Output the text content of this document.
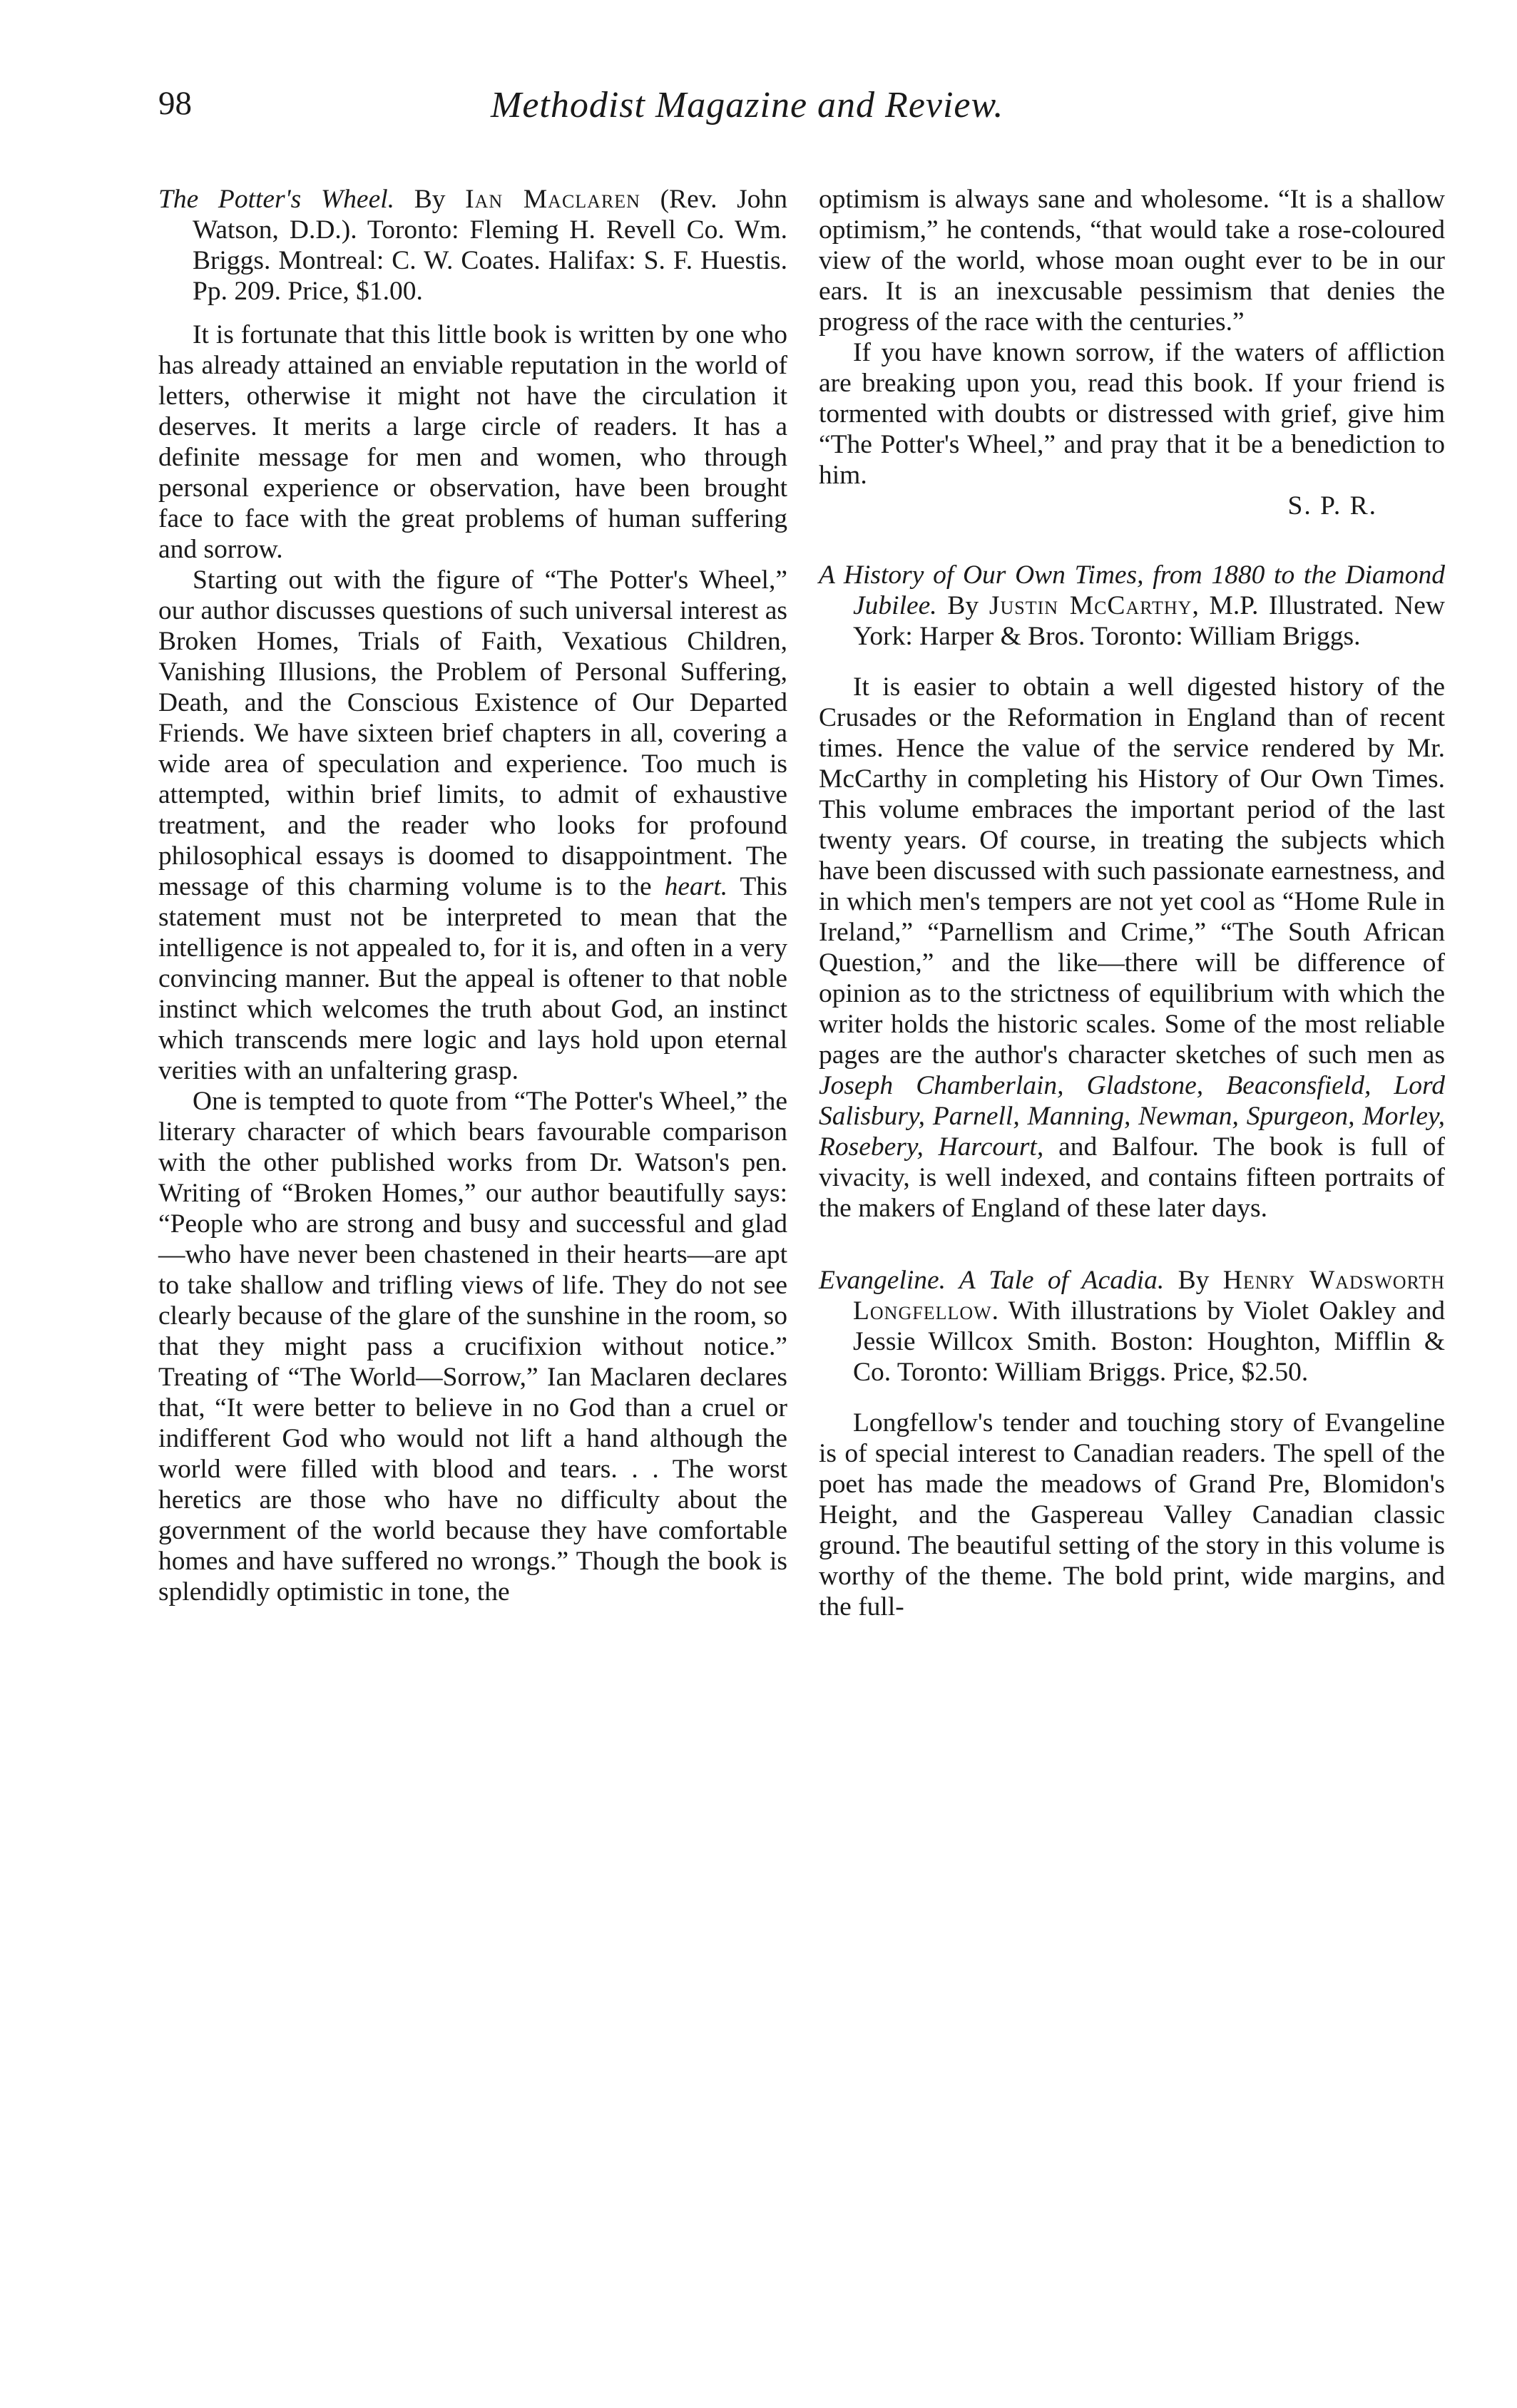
98	Methodist Magazine and Review.

The Potter's Wheel. By Ian Maclaren (Rev. John Watson, D.D.). Toronto: Fleming H. Revell Co. Wm. Briggs. Montreal: C. W. Coates. Halifax: S. F. Huestis. Pp. 209. Price, $1.00.

It is fortunate that this little book is written by one who has already attained an enviable reputation in the world of letters, otherwise it might not have the circulation it deserves. It merits a large circle of readers. It has a definite message for men and women, who through personal experience or observation, have been brought face to face with the great problems of human suffering and sorrow.

Starting out with the figure of “The Potter's Wheel,” our author discusses questions of such universal interest as Broken Homes, Trials of Faith, Vexatious Children, Vanishing Illusions, the Problem of Personal Suffering, Death, and the Conscious Existence of Our Departed Friends. We have sixteen brief chapters in all, covering a wide area of speculation and experience. Too much is attempted, within brief limits, to admit of exhaustive treatment, and the reader who looks for profound philosophical essays is doomed to disappointment. The message of this charming volume is to the heart. This statement must not be interpreted to mean that the intelligence is not appealed to, for it is, and often in a very convincing manner. But the appeal is oftener to that noble instinct which welcomes the truth about God, an instinct which transcends mere logic and lays hold upon eternal verities with an unfaltering grasp.

One is tempted to quote from “The Potter's Wheel,” the literary character of which bears favourable comparison with the other published works from Dr. Watson's pen. Writing of “Broken Homes,” our author beautifully says: “People who are strong and busy and successful and glad—who have never been chastened in their hearts—are apt to take shallow and trifling views of life. They do not see clearly because of the glare of the sunshine in the room, so that they might pass a crucifixion without notice.” Treating of “The World—Sorrow,” Ian Maclaren declares that, “It were better to believe in no God than a cruel or indifferent God who would not lift a hand although the world were filled with blood and tears. . . The worst heretics are those who have no difficulty about the government of the world because they have comfortable homes and have suffered no wrongs.” Though the book is splendidly optimistic in tone, the

optimism is always sane and wholesome. “It is a shallow optimism,” he contends, “that would take a rose-coloured view of the world, whose moan ought ever to be in our ears. It is an inexcusable pessimism that denies the progress of the race with the centuries.”

If you have known sorrow, if the waters of affliction are breaking upon you, read this book. If your friend is tormented with doubts or distressed with grief, give him “The Potter's Wheel,” and pray that it be a benediction to him.

S. P. R.

A History of Our Own Times, from 1880 to the Diamond Jubilee. By Justin McCarthy, M.P. Illustrated. New York: Harper & Bros. Toronto: William Briggs.

It is easier to obtain a well digested history of the Crusades or the Reformation in England than of recent times. Hence the value of the service rendered by Mr. McCarthy in completing his History of Our Own Times. This volume embraces the important period of the last twenty years. Of course, in treating the subjects which have been discussed with such passionate earnestness, and in which men's tempers are not yet cool as “Home Rule in Ireland,” “Parnellism and Crime,” “The South African Question,” and the like—there will be difference of opinion as to the strictness of equilibrium with which the writer holds the historic scales. Some of the most reliable pages are the author's character sketches of such men as Joseph Chamberlain, Gladstone, Beaconsfield, Lord Salisbury, Parnell, Manning, Newman, Spurgeon, Morley, Rosebery, Harcourt, and Balfour. The book is full of vivacity, is well indexed, and contains fifteen portraits of the makers of England of these later days.

Evangeline. A Tale of Acadia. By Henry Wadsworth Longfellow. With illustrations by Violet Oakley and Jessie Willcox Smith. Boston: Houghton, Mifflin & Co. Toronto: William Briggs. Price, $2.50.

Longfellow's tender and touching story of Evangeline is of special interest to Canadian readers. The spell of the poet has made the meadows of Grand Pre, Blomidon's Height, and the Gaspereau Valley Canadian classic ground. The beautiful setting of the story in this volume is worthy of the theme. The bold print, wide margins, and the full-
